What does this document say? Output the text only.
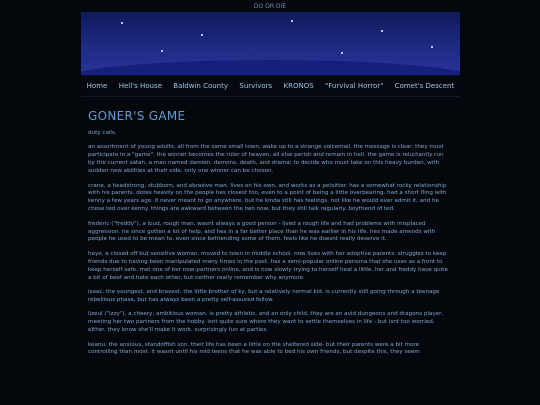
DO OR DIE
Home Hell's House Baldwin County Survivors KRONOS "Furvival Horror" Comet's Descent
GONER'S GAME

duty calls.

an assortment of young adults, all from the same small town, wake up to a strange voicemail. the message is clear: they must participate in a "game", the winner becomes the ruler of heaven, all else perish and remain in hell. the game is reluctantly run by the current satan, a man named damien. demons, death, and drama; to decide who must take on this heavy burden, with sudden new abilities at their side. only one winner can be chosen.

crane, a headstrong, stubborn, and abrasive man. lives on his own, and works as a petsitter. has a somewhat rocky relationship with his parents. dotes heavily on the people hes closest too, even to a point of being a little overbearing. had a short fling with kenny a few years ago. it never meant to go anywhere, but he kinda still has feelings. not like he would ever admit it, and he chose ted over kenny. things are awkward between the two now, but they still talk regularly. boyfriend of ted.

frederic ("freddy"), a loud, rough man. wasnt always a good person - lived a rough life and had problems with misplaced aggression. he since gotten a lot of help, and hes in a far better place than he was earlier in his life. hes made amends with people he used to be mean to, even since befriending some of them. feels like he doesnt really deserve it.

haye, a closed off but sensitive woman. moved to town in middle school. now lives with her adoptive parents. struggles to keep friends due to having been manipulated many times in the past. has a semi-popular online persona that she uses as a front to keep herself safe. met one of her now-partners online, and is now slowly trying to herself heal a little. her and freddy have quite a bit of beef and hate each other, but neither really remember why anymore.

isaac, the youngest, and bravest. the little brother of ky, but a relatively normal kid. is currently still going through a teenage rebellious phase, but has always been a pretty self-assured fellow.

lizeul ("izzy"), a cheery, ambitious woman. is pretty athletic, and an only child. they are an avid dungeons and dragons player, meeting her two partners from the hobby. isnt quite sure where they want to settle themselves in life - but isnt too worried, either. they know she'll make it work. surprisingly fun at parties.

keanu, the anxious, standoffish son. their life has been a little on the sheltered side- but their parents were a bit more controlling than most. it wasnt until his mid teens that he was able to bed his own friends, but despite this, they seem
